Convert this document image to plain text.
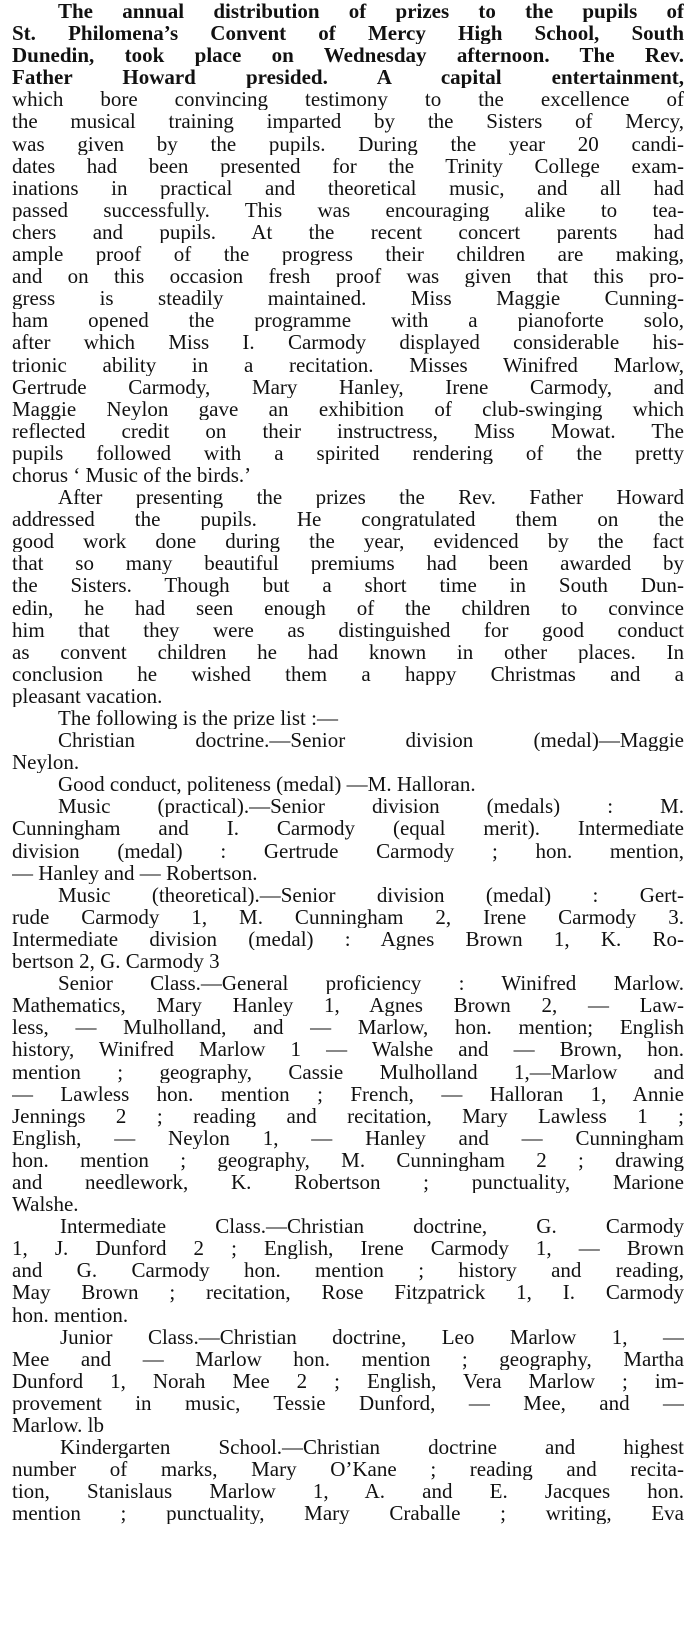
The annual distribution of prizes to the pupils of
St. Philomena’s Convent of Mercy High School, South
Dunedin, took place on Wednesday afternoon. The Rev.
Father Howard presided. A capital entertainment,
which bore convincing testimony to the excellence of
the musical training imparted by the Sisters of Mercy,
was given by the pupils. During the year 20 candi-
dates had been presented for the Trinity College exam-
inations in practical and theoretical music, and all had
passed successfully. This was encouraging alike to tea-
chers and pupils. At the recent concert parents had
ample proof of the progress their children are making,
and on this occasion fresh proof was given that this pro-
gress is steadily maintained. Miss Maggie Cunning-
ham opened the programme with a pianoforte solo,
after which Miss I. Carmody displayed considerable his-
trionic ability in a recitation. Misses Winifred Marlow,
Gertrude Carmody, Mary Hanley, Irene Carmody, and
Maggie Neylon gave an exhibition of club-swinging which
reflected credit on their instructress, Miss Mowat. The
pupils followed with a spirited rendering of the pretty
chorus ‘ Music of the birds.’
After presenting the prizes the Rev. Father Howard
addressed the pupils. He congratulated them on the
good work done during the year, evidenced by the fact
that so many beautiful premiums had been awarded by
the Sisters. Though but a short time in South Dun-
edin, he had seen enough of the children to convince
him that they were as distinguished for good conduct
as convent children he had known in other places. In
conclusion he wished them a happy Christmas and a
pleasant vacation.
The following is the prize list :—
Christian doctrine.—Senior division (medal)—Maggie
Neylon.
Good conduct, politeness (medal) —M. Halloran.
Music (practical).—Senior division (medals) : M.
Cunningham and I. Carmody (equal merit). Intermediate
division (medal) : Gertrude Carmody ; hon. mention,
— Hanley and — Robertson.
Music (theoretical).—Senior division (medal) : Gert-
rude Carmody 1, M. Cunningham 2, Irene Carmody 3.
Intermediate division (medal) : Agnes Brown 1, K. Ro-
bertson 2, G. Carmody 3
Senior Class.—General proficiency : Winifred Marlow.
Mathematics, Mary Hanley 1, Agnes Brown 2, — Law-
less, — Mulholland, and — Marlow, hon. mention; English
history, Winifred Marlow 1 — Walshe and — Brown, hon.
mention ; geography, Cassie Mulholland 1,—Marlow and
— Lawless hon. mention ; French, — Halloran 1, Annie
Jennings 2 ; reading and recitation, Mary Lawless 1 ;
English, — Neylon 1, — Hanley and — Cunningham
hon. mention ; geography, M. Cunningham 2 ; drawing
and needlework, K. Robertson ; punctuality, Marione
Walshe.
Intermediate Class.—Christian doctrine, G. Carmody
1, J. Dunford 2 ; English, Irene Carmody 1, — Brown
and G. Carmody hon. mention ; history and reading,
May Brown ; recitation, Rose Fitzpatrick 1, I. Carmody
hon. mention.
Junior Class.—Christian doctrine, Leo Marlow 1, —
Mee and — Marlow hon. mention ; geography, Martha
Dunford 1, Norah Mee 2 ; English, Vera Marlow ; im-
provement in music, Tessie Dunford, — Mee, and —
Marlow. lb
Kindergarten School.—Christian doctrine and highest
number of marks, Mary O’Kane ; reading and recita-
tion, Stanislaus Marlow 1, A. and E. Jacques hon.
mention ; punctuality, Mary Craballe ; writing, Eva
